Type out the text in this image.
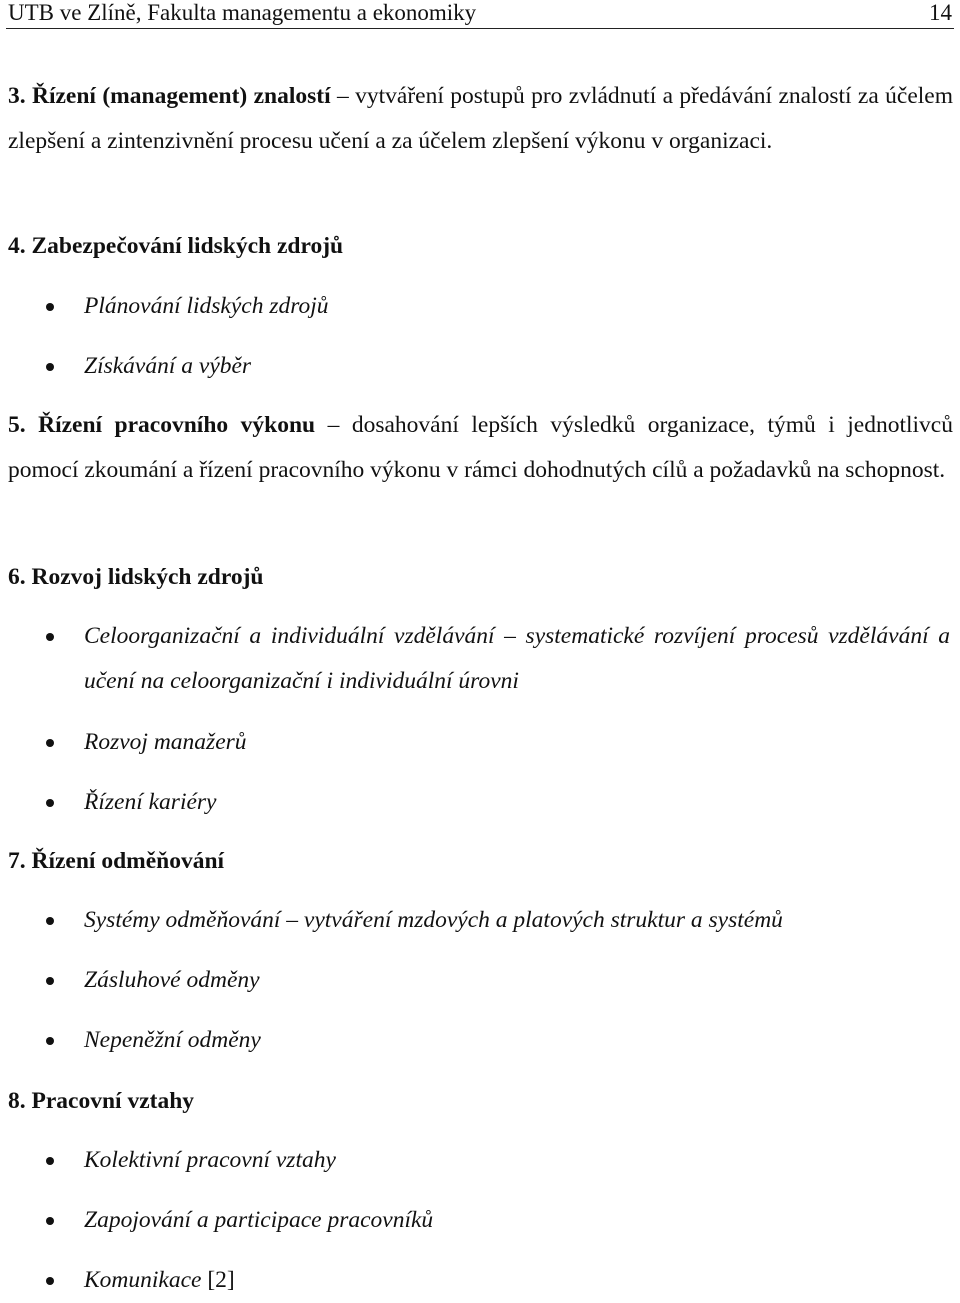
UTB ve Zlíně, Fakulta managementu a ekonomiky	14

3. Řízení (management) znalostí – vytváření postupů pro zvládnutí a předávání znalostí za účelem zlepšení a zintenzivnění procesu učení a za účelem zlepšení výkonu v organizaci.

4. Zabezpečování lidských zdrojů

Plánování lidských zdrojů
Získávání a výběr

5. Řízení pracovního výkonu – dosahování lepších výsledků organizace, týmů i jednotlivců pomocí zkoumání a řízení pracovního výkonu v rámci dohodnutých cílů a požadavků na schopnost.

6. Rozvoj lidských zdrojů

Celoorganizační a individuální vzdělávání – systematické rozvíjení procesů vzdělávání a učení na celoorganizační i individuální úrovni
Rozvoj manažerů
Řízení kariéry

7. Řízení odměňování

Systémy odměňování – vytváření mzdových a platových struktur a systémů
Zásluhové odměny
Nepeněžní odměny

8. Pracovní vztahy

Kolektivní pracovní vztahy
Zapojování a participace pracovníků
Komunikace [2]
